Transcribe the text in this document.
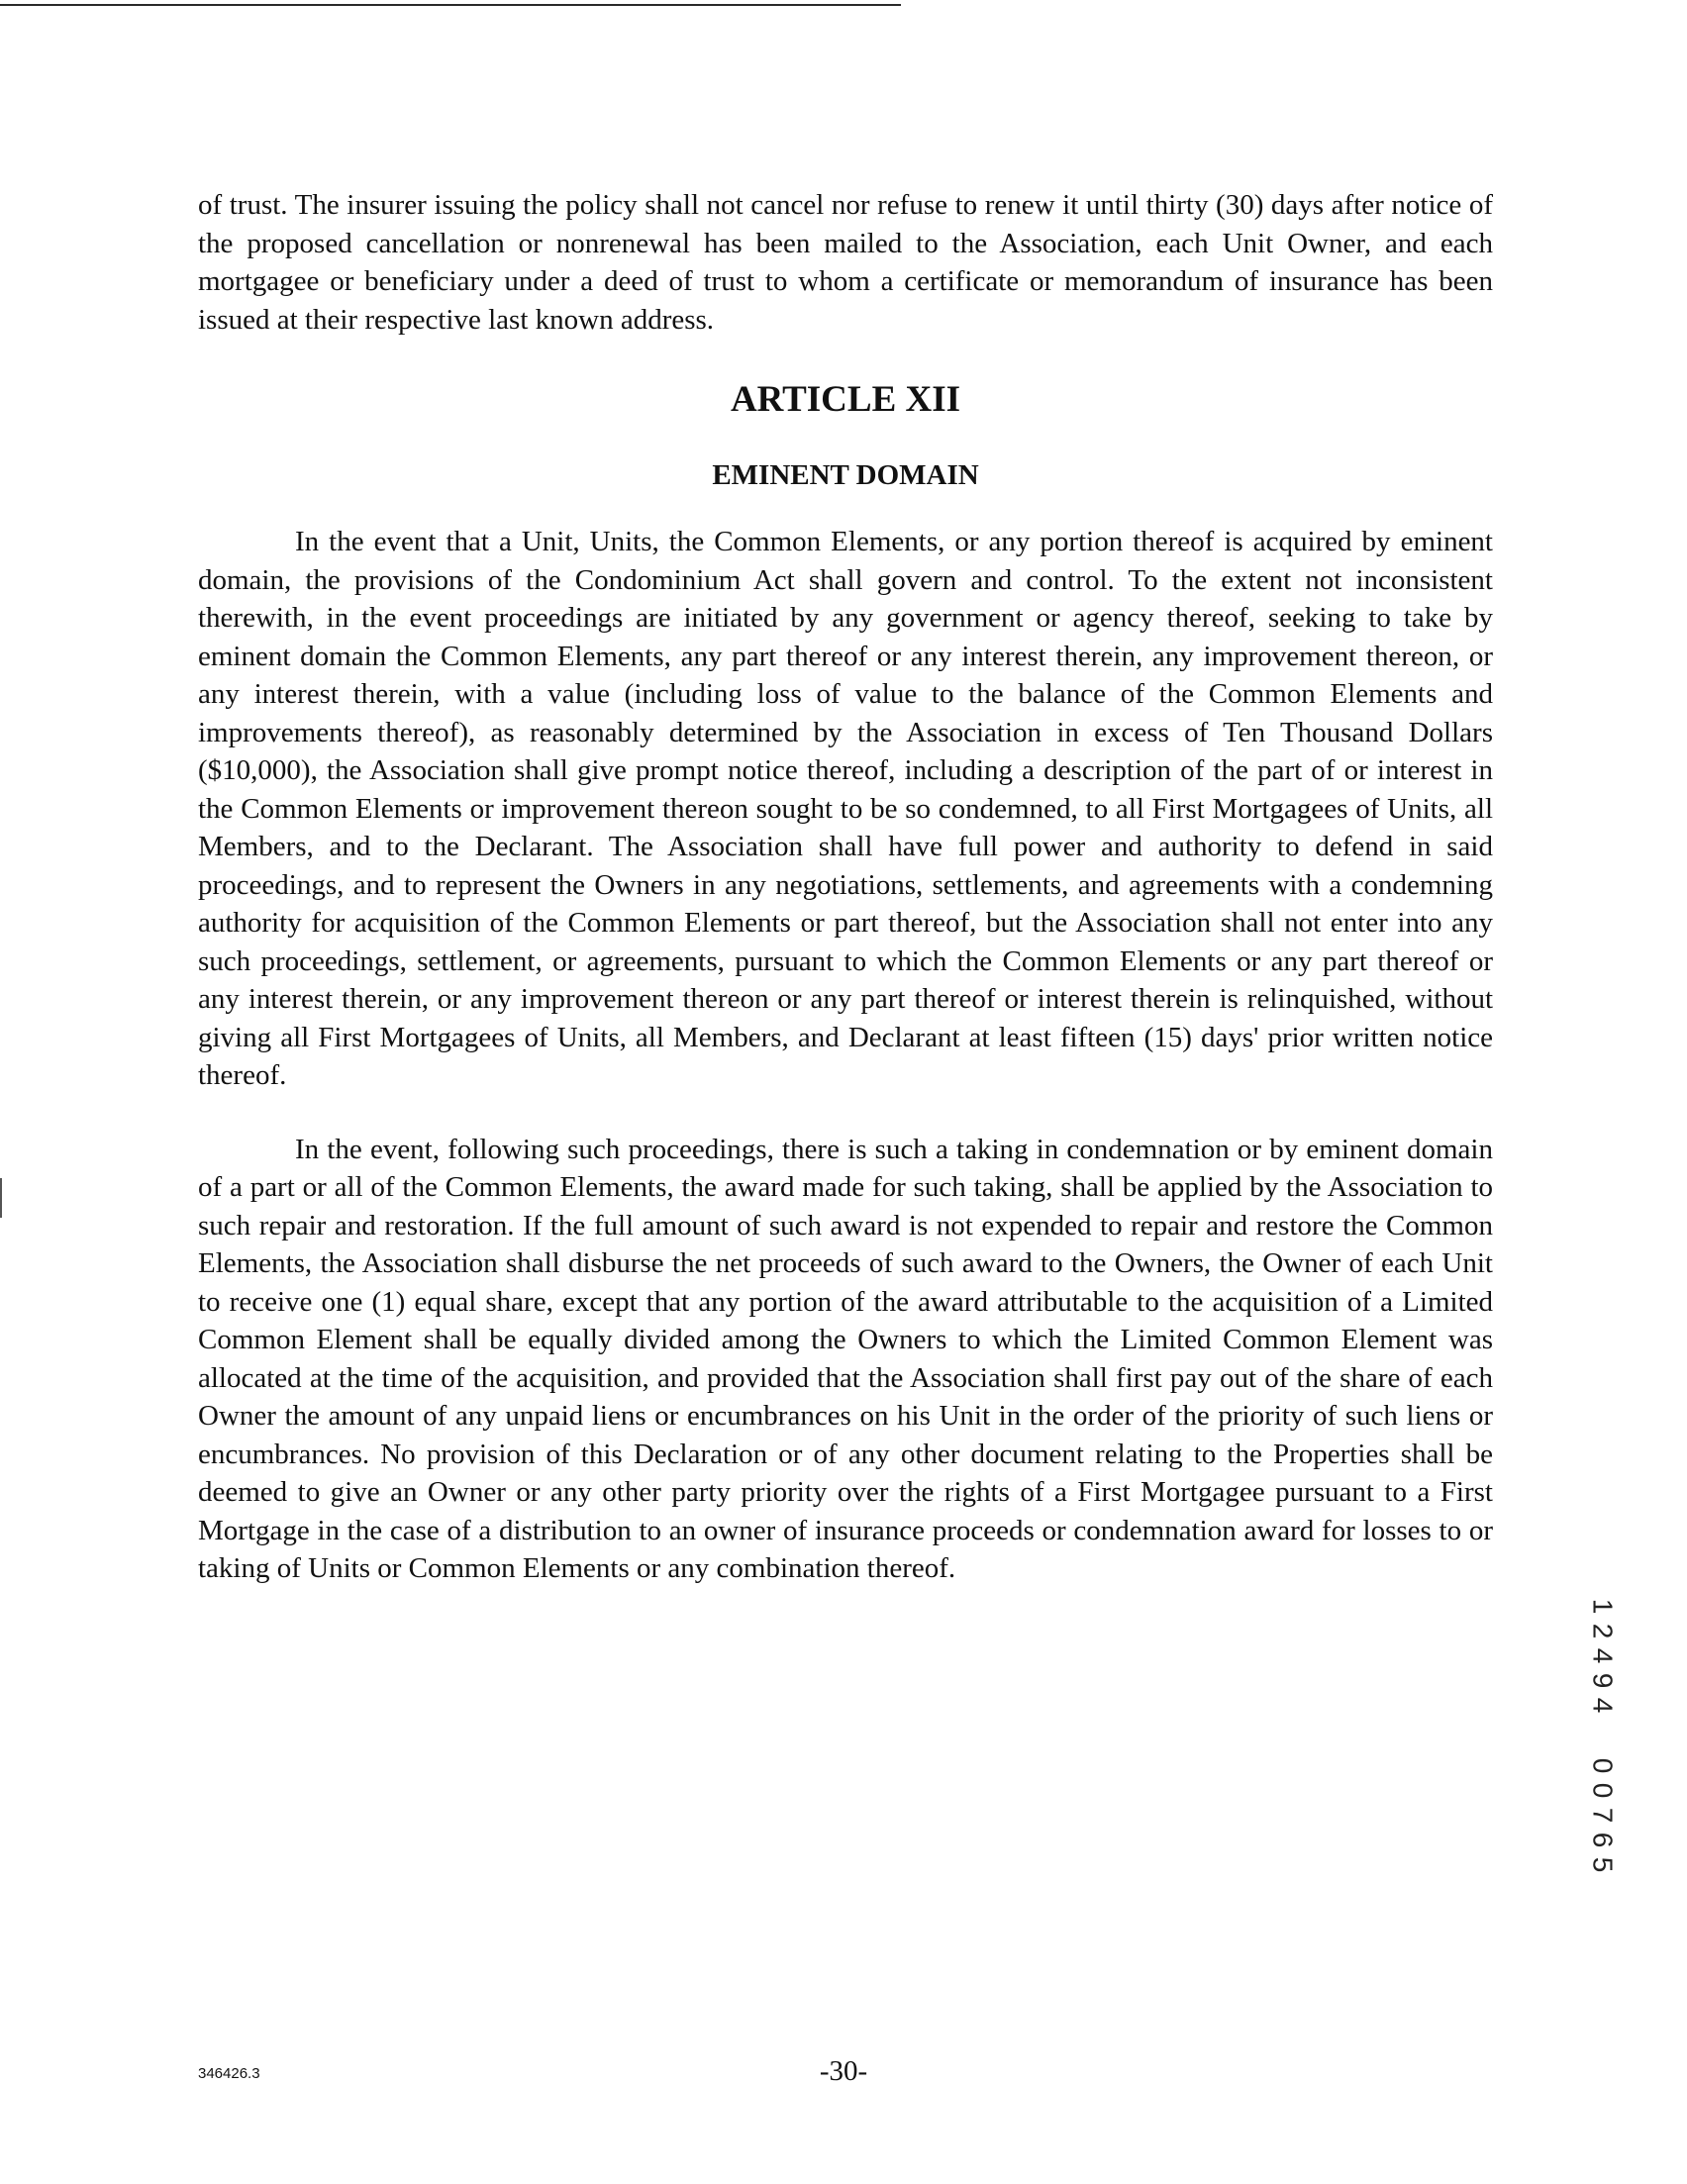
of trust. The insurer issuing the policy shall not cancel nor refuse to renew it until thirty (30) days after notice of the proposed cancellation or nonrenewal has been mailed to the Association, each Unit Owner, and each mortgagee or beneficiary under a deed of trust to whom a certificate or memorandum of insurance has been issued at their respective last known address.

ARTICLE XII
EMINENT DOMAIN

In the event that a Unit, Units, the Common Elements, or any portion thereof is acquired by eminent domain, the provisions of the Condominium Act shall govern and control. To the extent not inconsistent therewith, in the event proceedings are initiated by any government or agency thereof, seeking to take by eminent domain the Common Elements, any part thereof or any interest therein, any improvement thereon, or any interest therein, with a value (including loss of value to the balance of the Common Elements and improvements thereof), as reasonably determined by the Association in excess of Ten Thousand Dollars ($10,000), the Association shall give prompt notice thereof, including a description of the part of or interest in the Common Elements or improvement thereon sought to be so condemned, to all First Mortgagees of Units, all Members, and to the Declarant. The Association shall have full power and authority to defend in said proceedings, and to represent the Owners in any negotiations, settlements, and agreements with a condemning authority for acquisition of the Common Elements or part thereof, but the Association shall not enter into any such proceedings, settlement, or agreements, pursuant to which the Common Elements or any part thereof or any interest therein, or any improvement thereon or any part thereof or interest therein is relinquished, without giving all First Mortgagees of Units, all Members, and Declarant at least fifteen (15) days' prior written notice thereof.

In the event, following such proceedings, there is such a taking in condemnation or by eminent domain of a part or all of the Common Elements, the award made for such taking, shall be applied by the Association to such repair and restoration. If the full amount of such award is not expended to repair and restore the Common Elements, the Association shall disburse the net proceeds of such award to the Owners, the Owner of each Unit to receive one (1) equal share, except that any portion of the award attributable to the acquisition of a Limited Common Element shall be equally divided among the Owners to which the Limited Common Element was allocated at the time of the acquisition, and provided that the Association shall first pay out of the share of each Owner the amount of any unpaid liens or encumbrances on his Unit in the order of the priority of such liens or encumbrances. No provision of this Declaration or of any other document relating to the Properties shall be deemed to give an Owner or any other party priority over the rights of a First Mortgagee pursuant to a First Mortgage in the case of a distribution to an owner of insurance proceeds or condemnation award for losses to or taking of Units or Common Elements or any combination thereof.

1
2
4
9
4
0
0
7
6
5
346426.3	-30-
